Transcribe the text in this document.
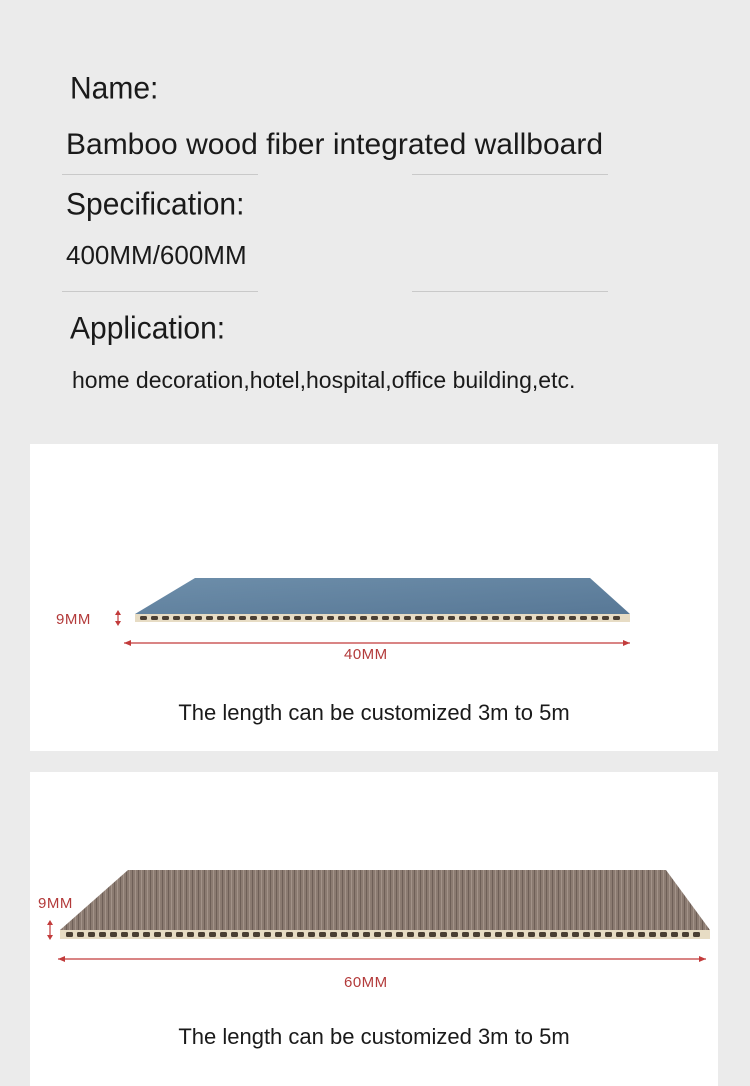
Name:
Bamboo wood fiber integrated wallboard
Specification:
400MM/600MM
Application:
home decoration,hotel,hospital,office building,etc.
9MM
40MM
The length can be customized 3m to 5m
9MM
60MM
The length can be customized 3m to 5m
